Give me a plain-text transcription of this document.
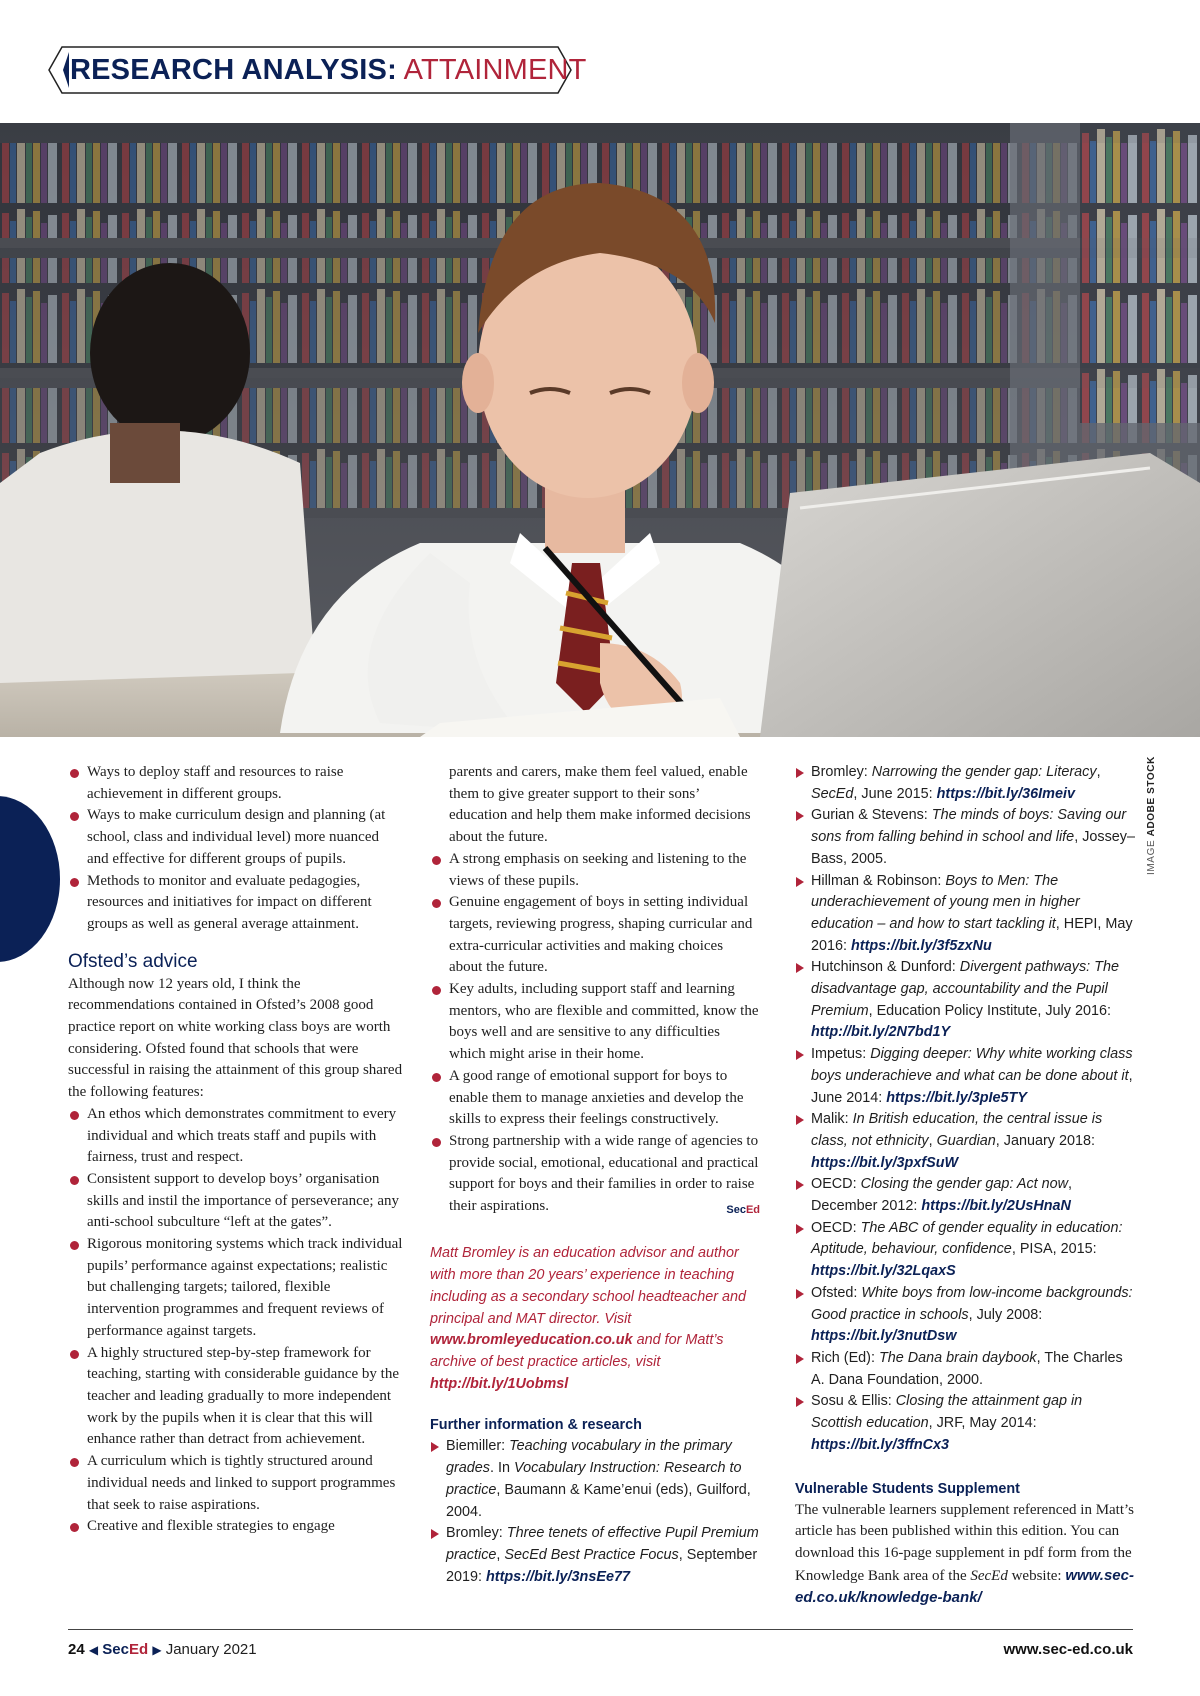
RESEARCH ANALYSIS: ATTAINMENT
IMAGE ADOBE STOCK
Ways to deploy staff and resources to raise achievement in different groups.
Ways to make curriculum design and planning (at school, class and individual level) more nuanced and effective for different groups of pupils.
Methods to monitor and evaluate pedagogies, resources and initiatives for impact on different groups as well as general average attainment.
Ofsted’s advice

Although now 12 years old, I think the recommendations contained in Ofsted’s 2008 good practice report on white working class boys are worth considering. Ofsted found that schools that were successful in raising the attainment of this group shared the following features:

An ethos which demonstrates commitment to every individual and which treats staff and pupils with fairness, trust and respect.
Consistent support to develop boys’ organisation skills and instil the importance of perseverance; any anti-school subculture “left at the gates”.
Rigorous monitoring systems which track individual pupils’ performance against expectations; realistic but challenging targets; tailored, flexible intervention programmes and frequent reviews of performance against targets.
A highly structured step-by-step framework for teaching, starting with considerable guidance by the teacher and leading gradually to more independent work by the pupils when it is clear that this will enhance rather than detract from achievement.
A curriculum which is tightly structured around individual needs and linked to support programmes that seek to raise aspirations.
Creative and flexible strategies to engage

parents and carers, make them feel valued, enable them to give greater support to their sons’ education and help them make informed decisions about the future.

A strong emphasis on seeking and listening to the views of these pupils.
Genuine engagement of boys in setting individual targets, reviewing progress, shaping curricular and extra-curricular activities and making choices about the future.
Key adults, including support staff and learning mentors, who are flexible and committed, know the boys well and are sensitive to any difficulties which might arise in their home.
A good range of emotional support for boys to enable them to manage anxieties and develop the skills to express their feelings constructively.
Strong partnership with a wide range of agencies to provide social, emotional, educational and practical support for boys and their families in order to raise their aspirations.	SecEd

Matt Bromley is an education advisor and author with more than 20 years’ experience in teaching including as a secondary school headteacher and principal and MAT director. Visit www.bromleyeducation.co.uk and for Matt’s archive of best practice articles, visit http://bit.ly/1Uobmsl

Further information & research
Biemiller: Teaching vocabulary in the primary grades. In Vocabulary Instruction: Research to practice, Baumann & Kame’enui (eds), Guilford, 2004.
Bromley: Three tenets of effective Pupil Premium practice, SecEd Best Practice Focus, September 2019: https://bit.ly/3nsEe77
Bromley: Narrowing the gender gap: Literacy, SecEd, June 2015: https://bit.ly/36Imeiv
Gurian & Stevens: The minds of boys: Saving our sons from falling behind in school and life, Jossey–Bass, 2005.
Hillman & Robinson: Boys to Men: The underachievement of young men in higher education – and how to start tackling it, HEPI, May 2016: https://bit.ly/3f5zxNu
Hutchinson & Dunford: Divergent pathways: The disadvantage gap, accountability and the Pupil Premium, Education Policy Institute, July 2016: http://bit.ly/2N7bd1Y
Impetus: Digging deeper: Why white working class boys underachieve and what can be done about it, June 2014: https://bit.ly/3pIe5TY
Malik: In British education, the central issue is class, not ethnicity, Guardian, January 2018: https://bit.ly/3pxfSuW
OECD: Closing the gender gap: Act now, December 2012: https://bit.ly/2UsHnaN
OECD: The ABC of gender equality in education: Aptitude, behaviour, confidence, PISA, 2015: https://bit.ly/32LqaxS
Ofsted: White boys from low-income backgrounds: Good practice in schools, July 2008: https://bit.ly/3nutDsw
Rich (Ed): The Dana brain daybook, The Charles A. Dana Foundation, 2000.
Sosu & Ellis: Closing the attainment gap in Scottish education, JRF, May 2014: https://bit.ly/3ffnCx3
Vulnerable Students Supplement

The vulnerable learners supplement referenced in Matt’s article has been published within this edition. You can download this 16-page supplement in pdf form from the Knowledge Bank area of the SecEd website: www.sec-ed.co.uk/knowledge-bank/

24 ◀ SecEd ▶ January 2021	www.sec-ed.co.uk
